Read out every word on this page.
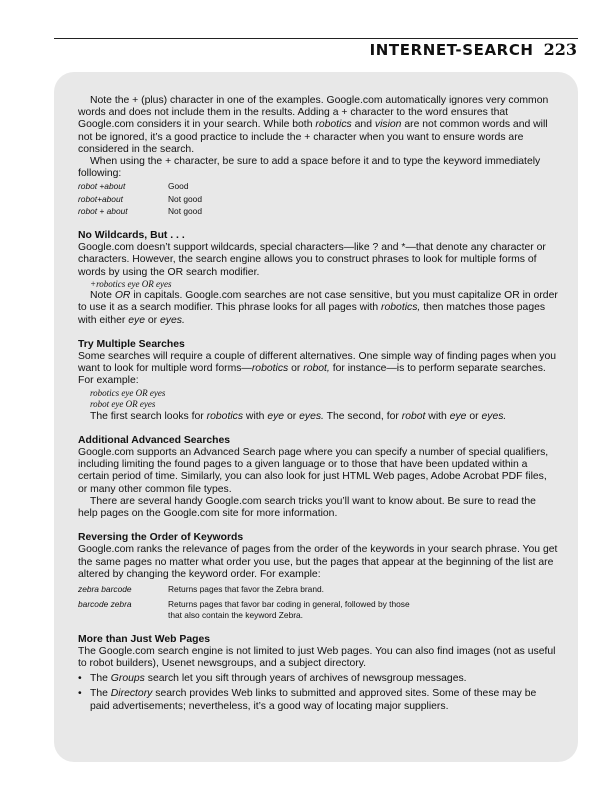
INTERNET-SEARCH 223

Note the + (plus) character in one of the examples. Google.com automatically ignores very common words and does not include them in the results. Adding a + character to the word ensures that Google.com considers it in your search. While both robotics and vision are not common words and will not be ignored, it’s a good practice to include the + character when you want to ensure words are considered in the search.

When using the + character, be sure to add a space before it and to type the keyword immediately following:

robot +about	Good
robot+about	Not good
robot + about	Not good
No Wildcards, But . . .

Google.com doesn’t support wildcards, special characters—like ? and *—that denote any character or characters. However, the search engine allows you to construct phrases to look for multiple forms of words by using the OR search modifier.

+robotics eye OR eyes

Note OR in capitals. Google.com searches are not case sensitive, but you must capitalize OR in order to use it as a search modifier. This phrase looks for all pages with robotics, then matches those pages with either eye or eyes.

Try Multiple Searches

Some searches will require a couple of different alternatives. One simple way of finding pages when you want to look for multiple word forms—robotics or robot, for instance—is to perform separate searches. For example:

robotics eye OR eyes
robot eye OR eyes

The first search looks for robotics with eye or eyes. The second, for robot with eye or eyes.

Additional Advanced Searches

Google.com supports an Advanced Search page where you can specify a number of special qualifiers, including limiting the found pages to a given language or to those that have been updated within a certain period of time. Similarly, you can also look for just HTML Web pages, Adobe Acrobat PDF files, or many other common file types.

There are several handy Google.com search tricks you’ll want to know about. Be sure to read the help pages on the Google.com site for more information.

Reversing the Order of Keywords

Google.com ranks the relevance of pages from the order of the keywords in your search phrase. You get the same pages no matter what order you use, but the pages that appear at the beginning of the list are altered by changing the keyword order. For example:

zebra barcode	Returns pages that favor the Zebra brand.
barcode zebra	Returns pages that favor bar coding in general, followed by those that also contain the keyword Zebra.
More than Just Web Pages

The Google.com search engine is not limited to just Web pages. You can also find images (not as useful to robot builders), Usenet newsgroups, and a subject directory.

• The Groups search let you sift through years of archives of newsgroup messages.
• The Directory search provides Web links to submitted and approved sites. Some of these may be paid advertisements; nevertheless, it’s a good way of locating major suppliers.
